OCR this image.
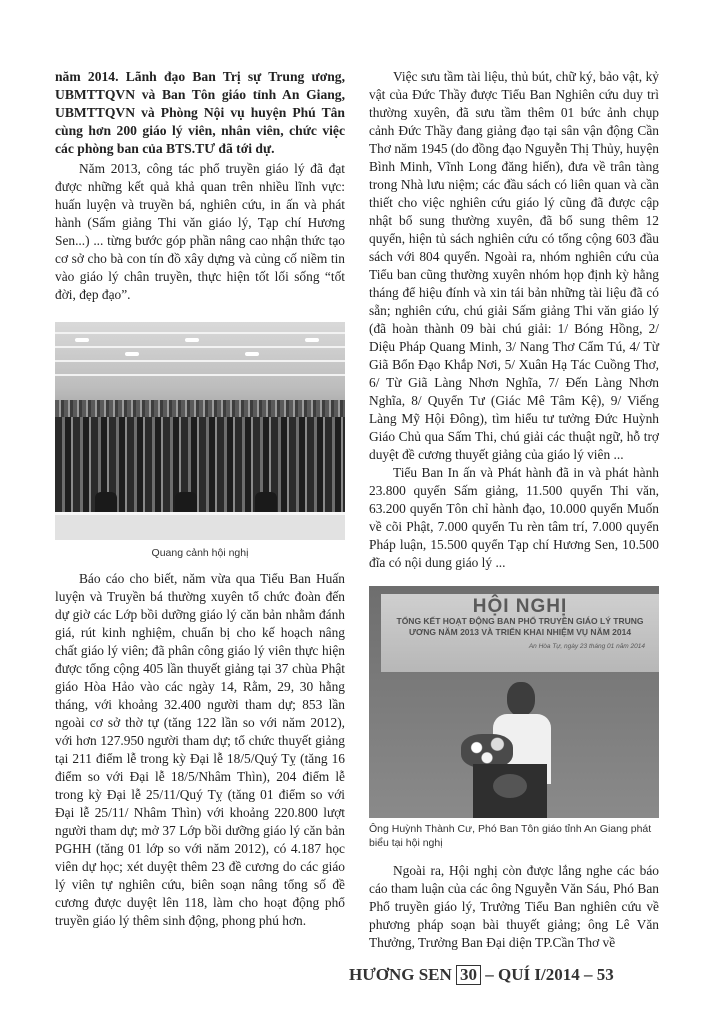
năm 2014. Lãnh đạo Ban Trị sự Trung ương, UBMTTQVN và Ban Tôn giáo tỉnh An Giang, UBMTTQVN và Phòng Nội vụ huyện Phú Tân cùng hơn 200 giáo lý viên, nhân viên, chức việc các phòng ban của BTS.TƯ đã tới dự.

Năm 2013, công tác phổ truyền giáo lý đã đạt được những kết quả khả quan trên nhiều lĩnh vực: huấn luyện và truyền bá, nghiên cứu, in ấn và phát hành (Sấm giảng Thi văn giáo lý, Tạp chí Hương Sen...) ... từng bước góp phần nâng cao nhận thức tạo cơ sở cho bà con tín đồ xây dựng và củng cố niềm tin vào giáo lý chân truyền, thực hiện tốt lối sống “tốt đời, đẹp đạo”.

Quang cảnh hội nghị

Báo cáo cho biết, năm vừa qua Tiểu Ban Huấn luyện và Truyền bá thường xuyên tổ chức đoàn đến dự giờ các Lớp bồi dưỡng giáo lý căn bản nhằm đánh giá, rút kinh nghiệm, chuẩn bị cho kế hoạch nâng chất giáo lý viên; đã phân công giáo lý viên thực hiện được tổng cộng 405 lần thuyết giảng tại 37 chùa Phật giáo Hòa Hảo vào các ngày 14, Rằm, 29, 30 hằng tháng, với khoảng 32.400 người tham dự; 853 lần ngoài cơ sở thờ tự (tăng 122 lần so với năm 2012), với hơn 127.950 người tham dự; tổ chức thuyết giảng tại 211 điểm lễ trong kỳ Đại lễ 18/5/Quý Tỵ (tăng 16 điểm so với Đại lễ 18/5/Nhâm Thìn), 204 điểm lễ trong kỳ Đại lễ 25/11/Quý Tỵ (tăng 01 điểm so với Đại lễ 25/11/ Nhâm Thìn) với khoảng 220.800 lượt người tham dự; mở 37 Lớp bồi dưỡng giáo lý căn bản PGHH (tăng 01 lớp so với năm 2012), có 4.187 học viên dự học; xét duyệt thêm 23 đề cương do các giáo lý viên tự nghiên cứu, biên soạn nâng tổng số đề cương được duyệt lên 118, làm cho hoạt động phổ truyền giáo lý thêm sinh động, phong phú hơn.

Việc sưu tầm tài liệu, thủ bút, chữ ký, bảo vật, kỷ vật của Đức Thầy được Tiểu Ban Nghiên cứu duy trì thường xuyên, đã sưu tầm thêm 01 bức ảnh chụp cảnh Đức Thầy đang giảng đạo tại sân vận động Cần Thơ năm 1945 (do đồng đạo Nguyễn Thị Thủy, huyện Bình Minh, Vĩnh Long đăng hiến), đưa về trân tàng trong Nhà lưu niệm; các đầu sách có liên quan và cần thiết cho việc nghiên cứu giáo lý cũng đã được cập nhật bổ sung thường xuyên, đã bổ sung thêm 12 quyển, hiện tủ sách nghiên cứu có tổng cộng 603 đầu sách với 804 quyển. Ngoài ra, nhóm nghiên cứu của Tiểu ban cũng thường xuyên nhóm họp định kỳ hằng tháng để hiệu đính và xin tái bản những tài liệu đã có sẵn; nghiên cứu, chú giải Sấm giảng Thi văn giáo lý (đã hoàn thành 09 bài chú giải: 1/ Bóng Hồng, 2/ Diệu Pháp Quang Minh, 3/ Nang Thơ Cẩm Tú, 4/ Từ Giã Bổn Đạo Khắp Nơi, 5/ Xuân Hạ Tác Cuồng Thơ, 6/ Từ Giã Làng Nhơn Nghĩa, 7/ Đến Làng Nhơn Nghĩa, 8/ Quyển Tư (Giác Mê Tâm Kệ), 9/ Viếng Làng Mỹ Hội Đông), tìm hiểu tư tưởng Đức Huỳnh Giáo Chủ qua Sấm Thi, chú giải các thuật ngữ, hỗ trợ duyệt đề cương thuyết giảng của giáo lý viên ...

Tiểu Ban In ấn và Phát hành đã in và phát hành 23.800 quyển Sấm giảng, 11.500 quyển Thi văn, 63.200 quyển Tôn chỉ hành đạo, 10.000 quyển Muốn về cõi Phật, 7.000 quyển Tu rèn tâm trí, 7.000 quyển Pháp luận, 15.500 quyển Tạp chí Hương Sen, 10.500 đĩa có nội dung giáo lý ...

HỘI NGHỊ
TỔNG KẾT HOẠT ĐỘNG BAN PHỔ TRUYỀN GIÁO LÝ TRUNG ƯƠNG NĂM 2013 VÀ TRIỂN KHAI NHIỆM VỤ NĂM 2014
An Hòa Tự, ngày 23 tháng 01 năm 2014
Ông Huỳnh Thành Cư, Phó Ban Tôn giáo tỉnh An Giang phát biểu tại hội nghị

Ngoài ra, Hội nghị còn được lắng nghe các báo cáo tham luận của các ông Nguyễn Văn Sáu, Phó Ban Phổ truyền giáo lý, Trưởng Tiểu Ban nghiên cứu về phương pháp soạn bài thuyết giảng; ông Lê Văn Thưởng, Trưởng Ban Đại diện TP.Cần Thơ về

HƯƠNG SEN 30 – QUÍ I/2014 – 53
